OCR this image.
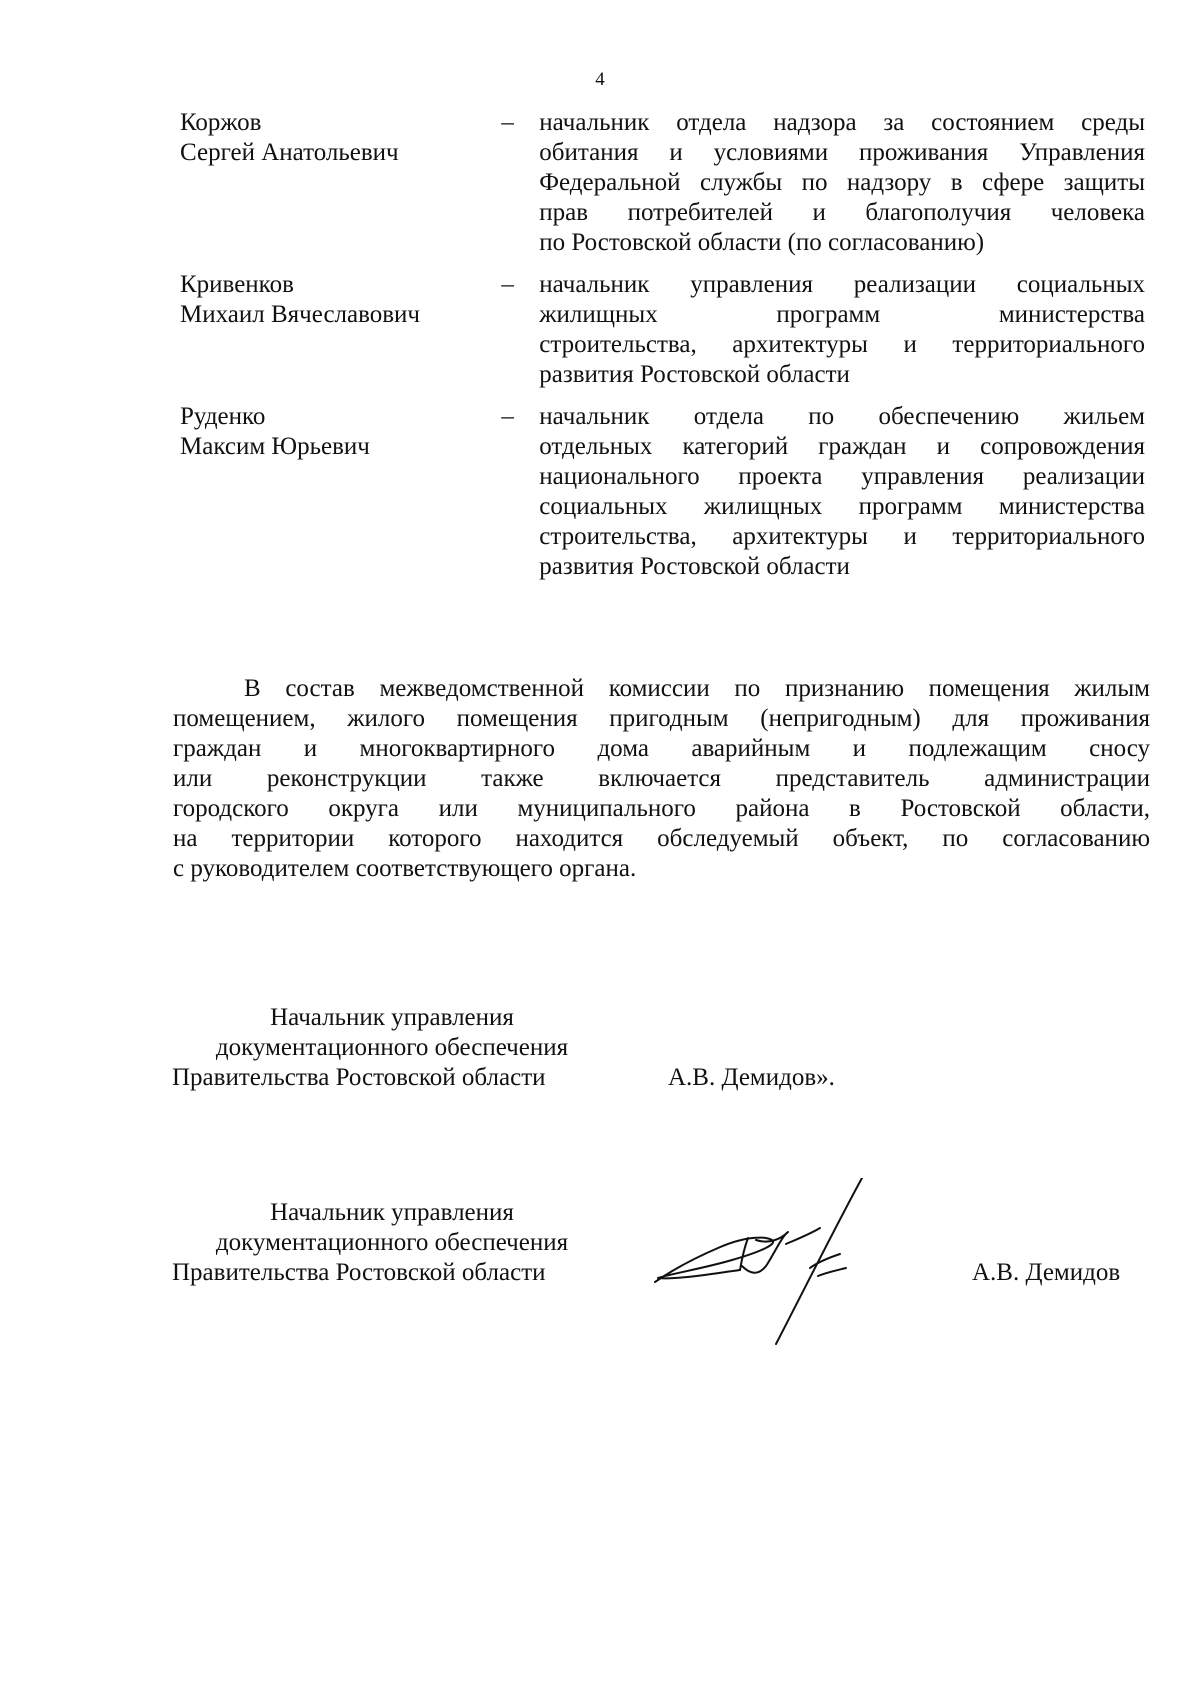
4
Коржов
Сергей Анатольевич
–	начальник отдела надзора за состоянием среды
обитания и условиями проживания Управления
Федеральной службы по надзору в сфере защиты
прав потребителей и благополучия человека
по Ростовской области (по согласованию)
Кривенков
Михаил Вячеславович
–	начальник управления реализации социальных
жилищных программ министерства
строительства, архитектуры и территориального
развития Ростовской области
Руденко
Максим Юрьевич
–	начальник отдела по обеспечению жильем
отдельных категорий граждан и сопровождения
национального проекта управления реализации
социальных жилищных программ министерства
строительства, архитектуры и территориального
развития Ростовской области
В состав межведомственной комиссии по признанию помещения жилым
помещением, жилого помещения пригодным (непригодным) для проживания
граждан и многоквартирного дома аварийным и подлежащим сносу
или реконструкции также включается представитель администрации
городского округа или муниципального района в Ростовской области,
на территории которого находится обследуемый объект, по согласованию
с руководителем соответствующего органа.
Начальник управления
документационного обеспечения
Правительства Ростовской области	А.В. Демидов».
Начальник управления
документационного обеспечения
Правительства Ростовской области	А.В. Демидов
